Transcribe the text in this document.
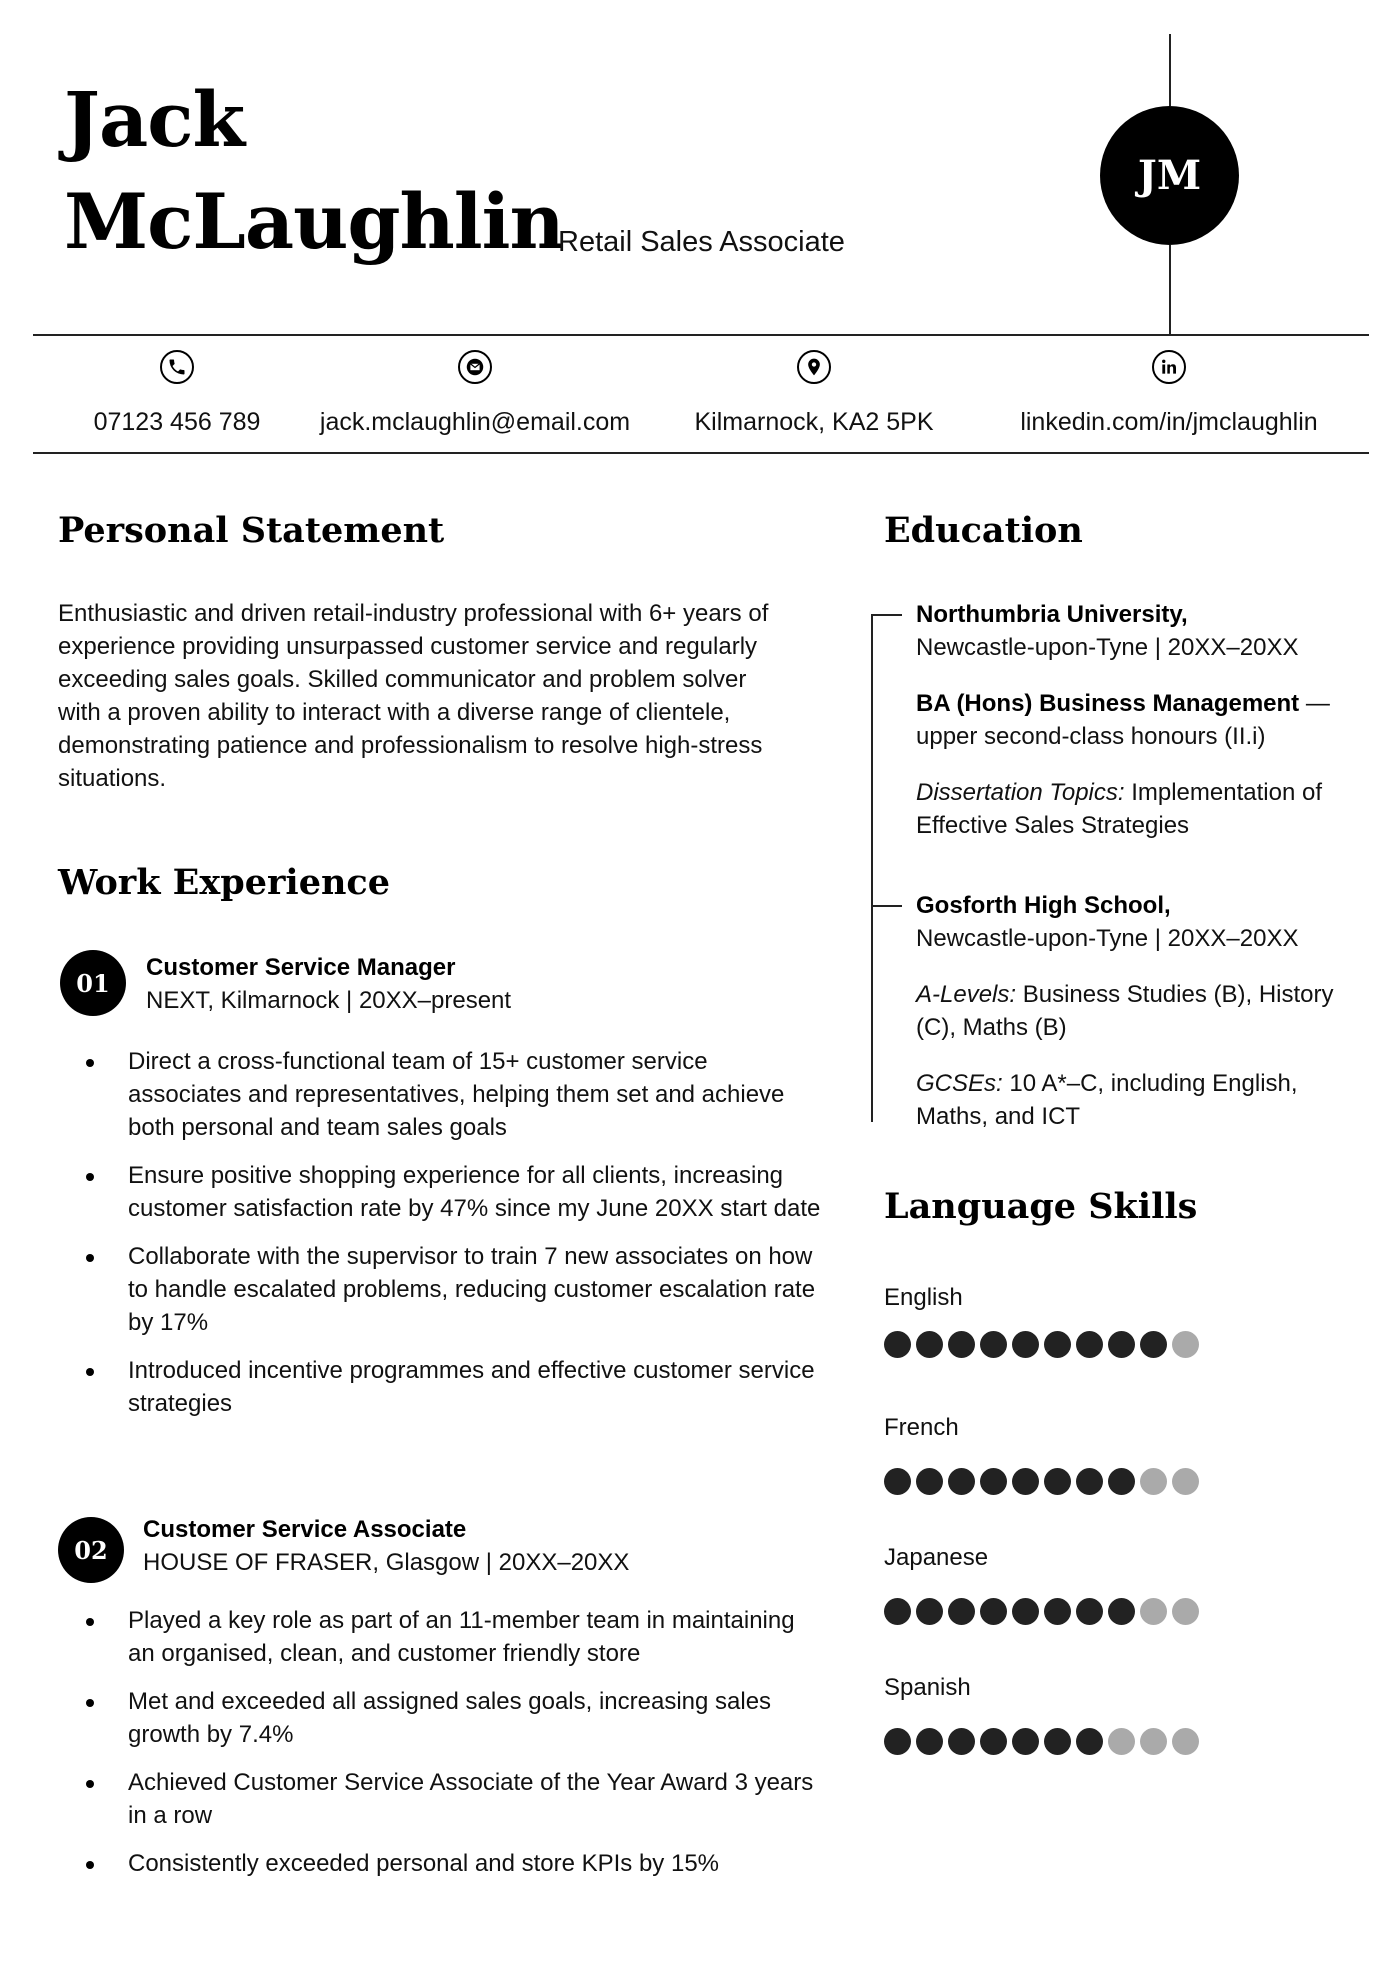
Jack
McLaughlin
Retail Sales Associate
JM
07123 456 789 jack.mclaughlin@email.com	Kilmarnock, KA2 5PK	linkedin.com/in/jmclaughlin
Personal Statement
Enthusiastic and driven retail-industry professional with 6+ years of experience providing unsurpassed customer service and regularly exceeding sales goals. Skilled communicator and problem solver with a proven ability to interact with a diverse range of clientele, demonstrating patience and professionalism to resolve high-stress situations.
Work Experience
01
Customer Service Manager
NEXT, Kilmarnock | 20XX–present
Direct a cross-functional team of 15+ customer service associates and representatives, helping them set and achieve both personal and team sales goals
Ensure positive shopping experience for all clients, increasing customer satisfaction rate by 47% since my June 20XX start date
Collaborate with the supervisor to train 7 new associates on how to handle escalated problems, reducing customer escalation rate by 17%
Introduced incentive programmes and effective customer service strategies
02
Customer Service Associate
HOUSE OF FRASER, Glasgow | 20XX–20XX
Played a key role as part of an 11-member team in maintaining an organised, clean, and customer friendly store
Met and exceeded all assigned sales goals, increasing sales growth by 7.4%
Achieved Customer Service Associate of the Year Award 3 years in a row
Consistently exceeded personal and store KPIs by 15%
Education
Northumbria University,
Newcastle-upon-Tyne | 20XX–20XX
BA (Hons) Business Management —
upper second-class honours (II.i)
Dissertation Topics: Implementation of Effective Sales Strategies
Gosforth High School,
Newcastle-upon-Tyne | 20XX–20XX
A-Levels: Business Studies (B), History (C), Maths (B)
GCSEs: 10 A*–C, including English, Maths, and ICT
Language Skills
English
French
Japanese
Spanish
